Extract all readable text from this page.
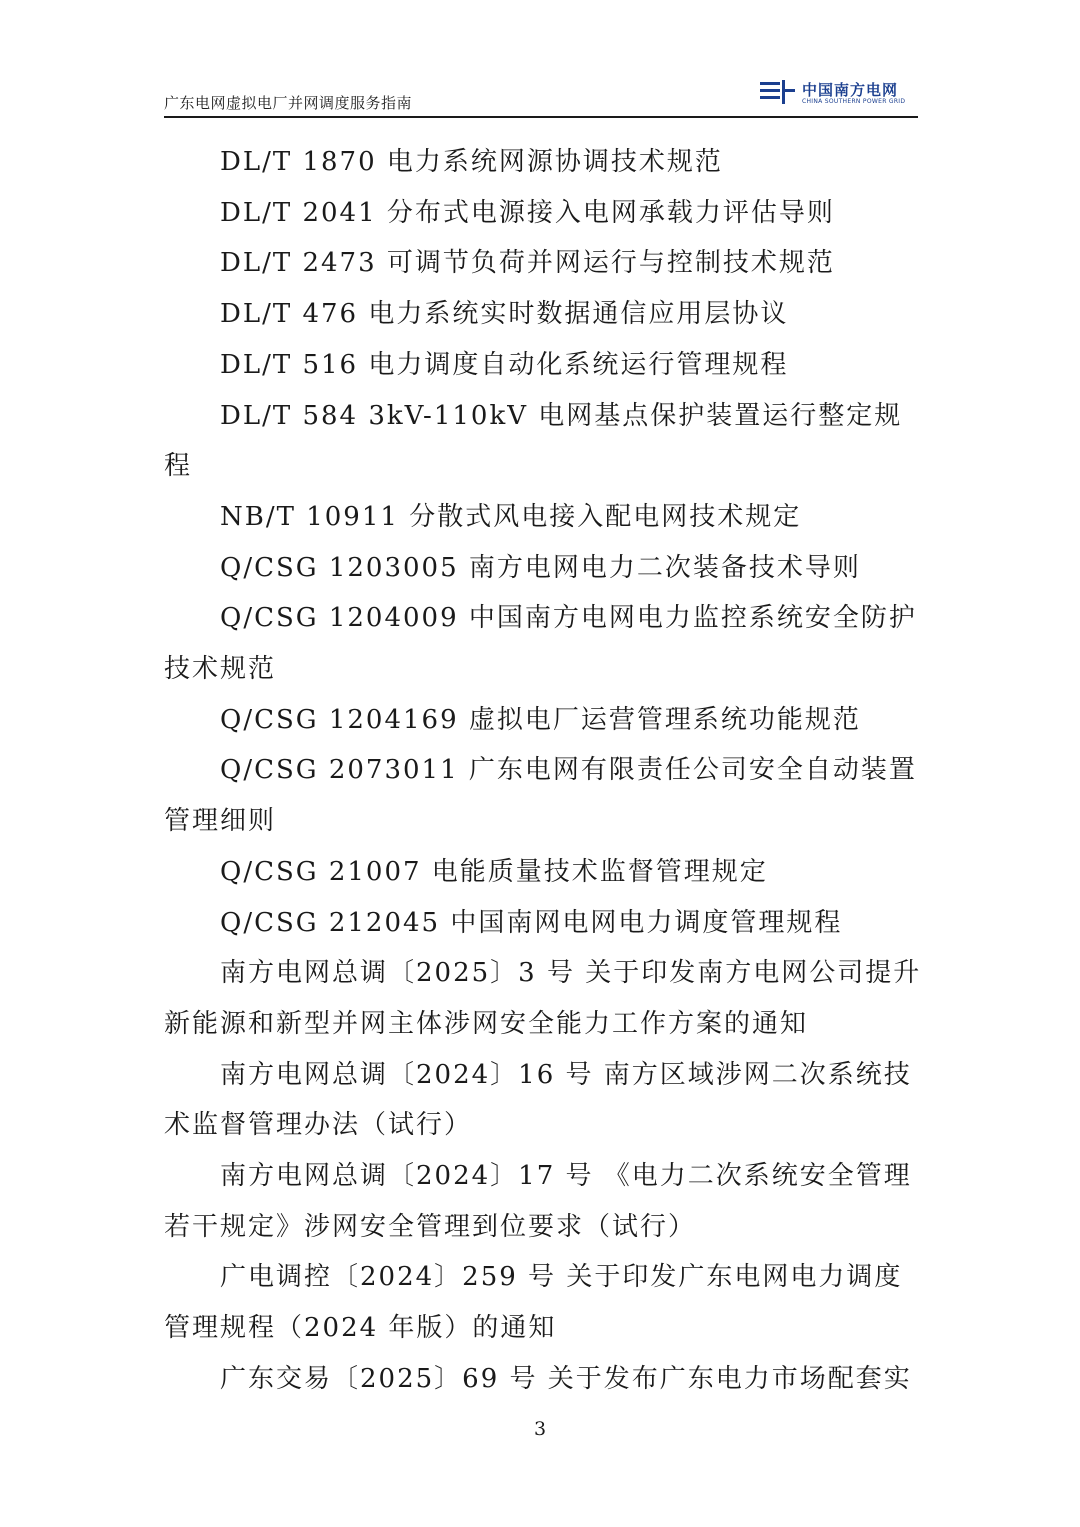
广东电网虚拟电厂并网调度服务指南
中国南方电网
CHINA SOUTHERN POWER GRID

DL/T 1870 电力系统网源协调技术规范

DL/T 2041 分布式电源接入电网承载力评估导则

DL/T 2473 可调节负荷并网运行与控制技术规范

DL/T 476 电力系统实时数据通信应用层协议

DL/T 516 电力调度自动化系统运行管理规程

DL/T 584 3kV-110kV 电网基点保护装置运行整定规程

NB/T 10911 分散式风电接入配电网技术规定

Q/CSG 1203005 南方电网电力二次装备技术导则

Q/CSG 1204009 中国南方电网电力监控系统安全防护技术规范

Q/CSG 1204169 虚拟电厂运营管理系统功能规范

Q/CSG 2073011 广东电网有限责任公司安全自动装置管理细则

Q/CSG 21007 电能质量技术监督管理规定

Q/CSG 212045 中国南网电网电力调度管理规程

南方电网总调〔2025〕3 号 关于印发南方电网公司提升新能源和新型并网主体涉网安全能力工作方案的通知

南方电网总调〔2024〕16 号 南方区域涉网二次系统技术监督管理办法（试行）

南方电网总调〔2024〕17 号 《电力二次系统安全管理若干规定》涉网安全管理到位要求（试行）

广电调控〔2024〕259 号 关于印发广东电网电力调度管理规程（2024 年版）的通知

广东交易〔2025〕69 号 关于发布广东电力市场配套实

3
